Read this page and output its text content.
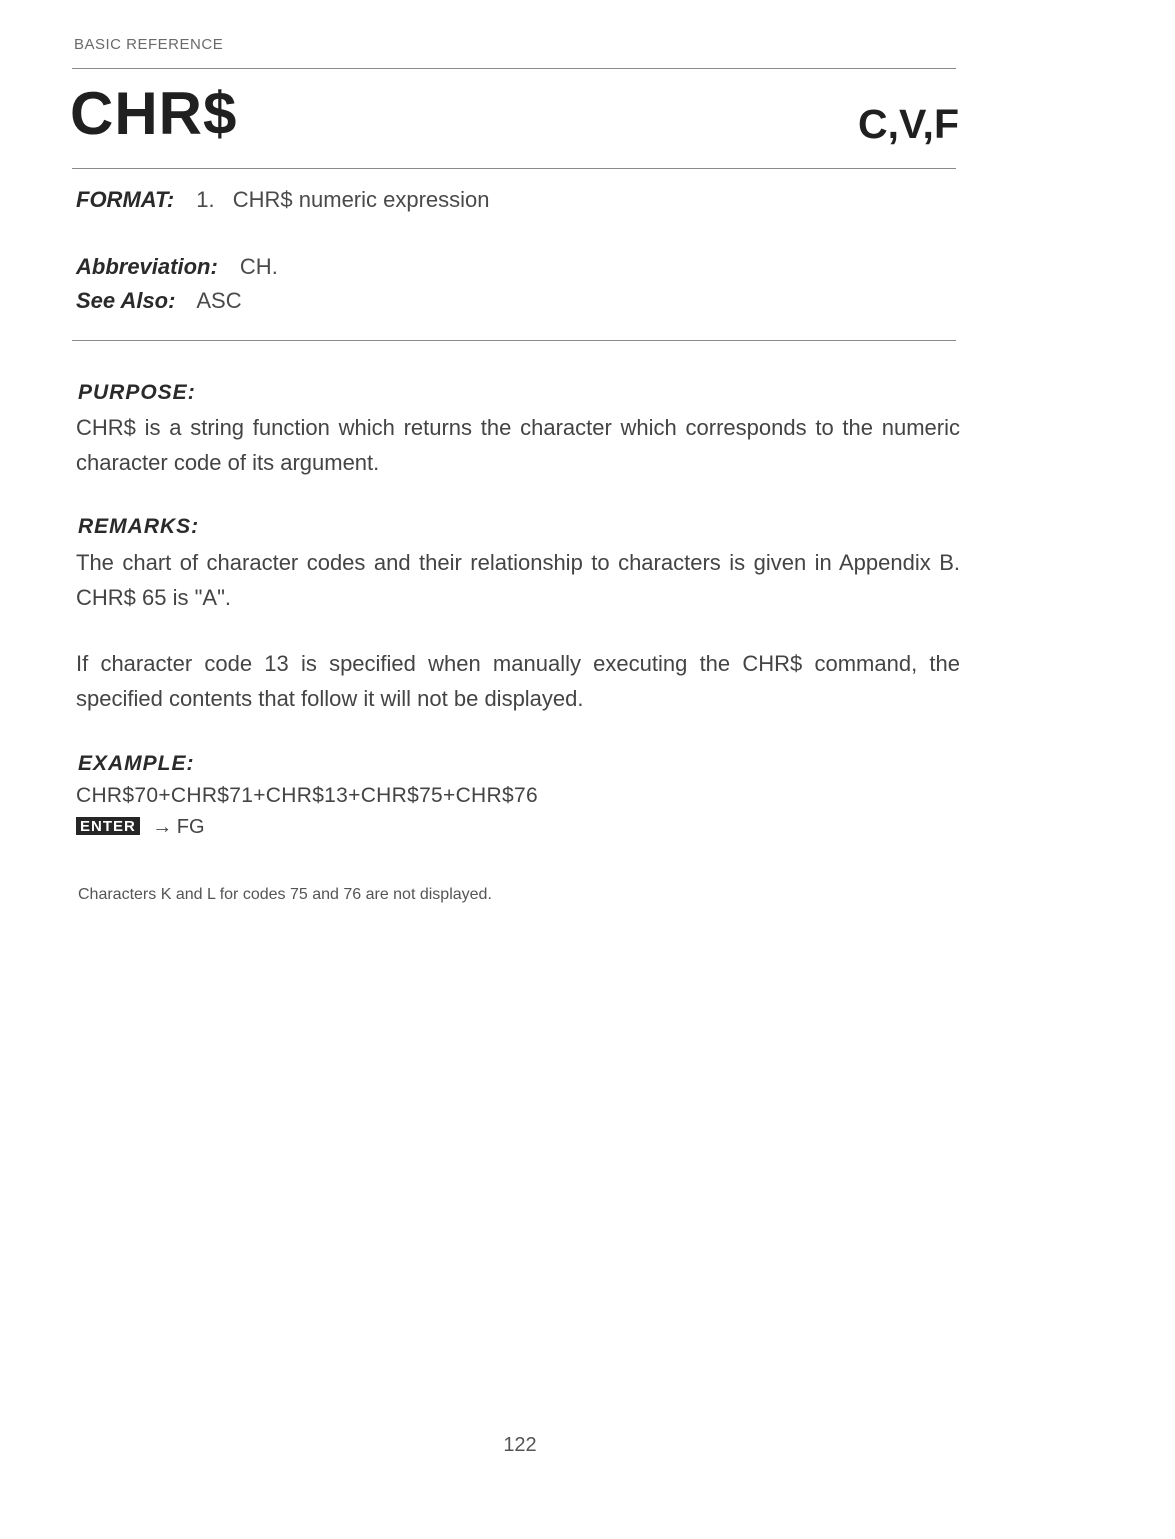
BASIC REFERENCE
CHR$	C,V,F
FORMAT: 1. CHR$ numeric expression
Abbreviation: CH.
See Also: ASC
PURPOSE:
CHR$ is a string function which returns the character which corresponds to the numeric character code of its argument.
REMARKS:
The chart of character codes and their relationship to characters is given in Appendix B. CHR$ 65 is "A".
If character code 13 is specified when manually executing the CHR$ command, the specified contents that follow it will not be displayed.
EXAMPLE:
CHR$70+CHR$71+CHR$13+CHR$75+CHR$76
ENTER → FG
Characters K and L for codes 75 and 76 are not displayed.
122
